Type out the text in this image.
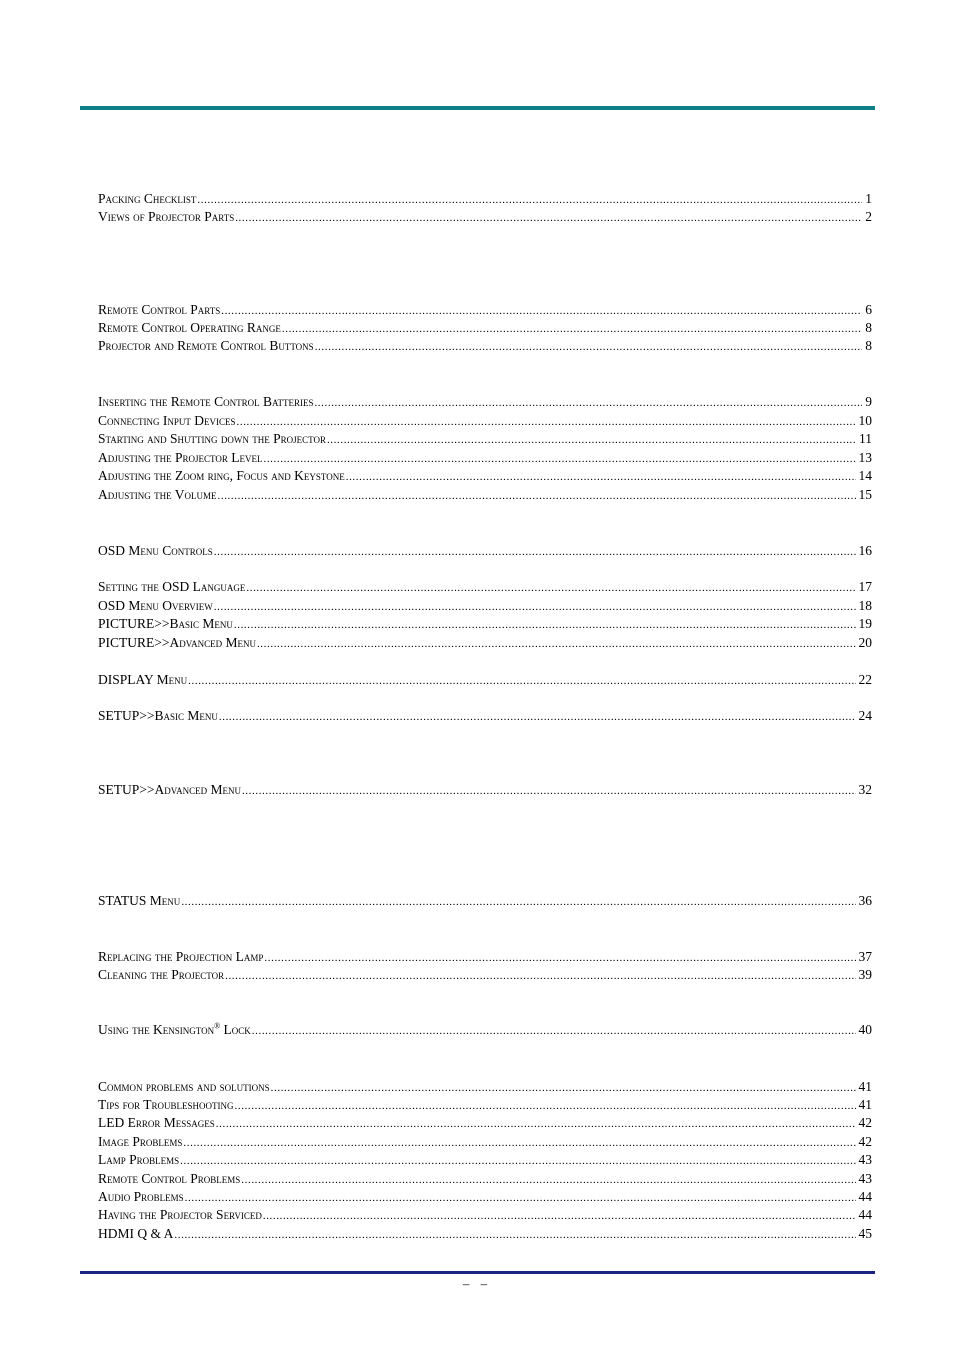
Packing Checklist .....	1
Views of Projector Parts .....	2
Remote Control Parts .....	6
Remote Control Operating Range .....	8
Projector and Remote Control Buttons .....	8
Inserting the Remote Control Batteries .....	9
Connecting Input Devices .....	10
Starting and Shutting down the Projector .....	11
Adjusting the Projector Level .....	13
Adjusting the Zoom ring, Focus and Keystone .....	14
Adjusting the Volume .....	15
OSD Menu Controls .....	16
Setting the OSD Language .....	17
OSD Menu Overview .....	18
PICTURE>>Basic Menu .....	19
PICTURE>>Advanced Menu .....	20
DISPLAY Menu .....	22
SETUP>>Basic Menu .....	24
SETUP>>Advanced Menu .....	32
STATUS Menu .....	36
Replacing the Projection Lamp .....	37
Cleaning the Projector .....	39
Using the Kensington® Lock .....	40
Common problems and solutions .....	41
Tips for Troubleshooting .....	41
LED Error Messages .....	42
Image Problems .....	42
Lamp Problems .....	43
Remote Control Problems .....	43
Audio Problems .....	44
Having the Projector Serviced .....	44
HDMI Q & A .....	45
– –
